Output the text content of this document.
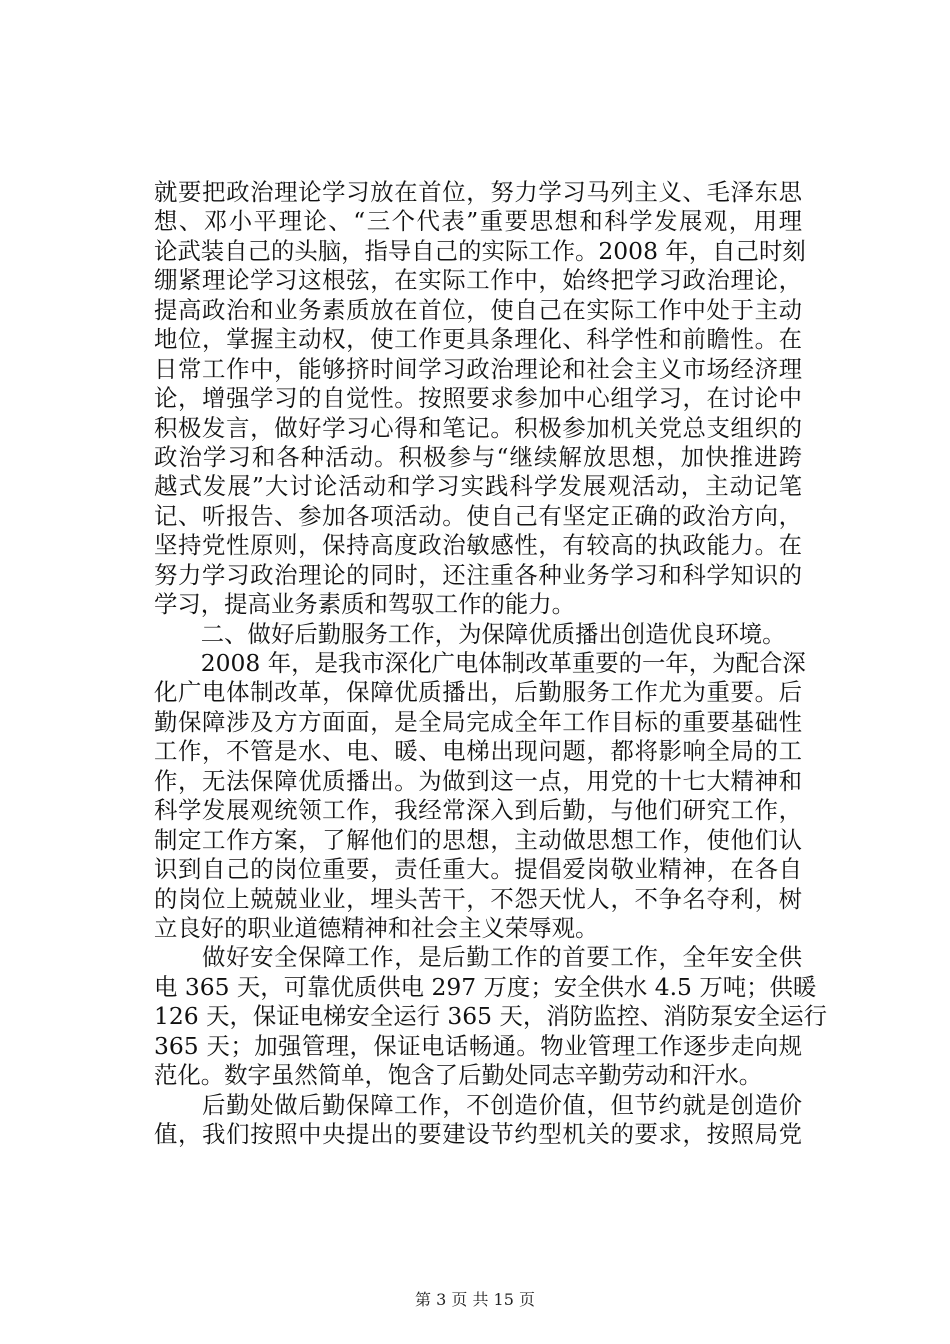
就要把政治理论学习放在首位，努力学习马列主义、毛泽东思
想、邓小平理论、“三个代表”重要思想和科学发展观，用理
论武装自己的头脑，指导自己的实际工作。2008 年，自己时刻
绷紧理论学习这根弦，在实际工作中，始终把学习政治理论，
提高政治和业务素质放在首位，使自己在实际工作中处于主动
地位，掌握主动权，使工作更具条理化、科学性和前瞻性。在
日常工作中，能够挤时间学习政治理论和社会主义市场经济理
论，增强学习的自觉性。按照要求参加中心组学习，在讨论中
积极发言，做好学习心得和笔记。积极参加机关党总支组织的
政治学习和各种活动。积极参与“继续解放思想，加快推进跨
越式发展”大讨论活动和学习实践科学发展观活动，主动记笔
记、听报告、参加各项活动。使自己有坚定正确的政治方向，
坚持党性原则，保持高度政治敏感性，有较高的执政能力。在
努力学习政治理论的同时，还注重各种业务学习和科学知识的
学习，提高业务素质和驾驭工作的能力。
　　二、做好后勤服务工作，为保障优质播出创造优良环境。
　　2008 年，是我市深化广电体制改革重要的一年，为配合深
化广电体制改革，保障优质播出，后勤服务工作尤为重要。后
勤保障涉及方方面面，是全局完成全年工作目标的重要基础性
工作，不管是水、电、暖、电梯出现问题，都将影响全局的工
作，无法保障优质播出。为做到这一点，用党的十七大精神和
科学发展观统领工作，我经常深入到后勤，与他们研究工作，
制定工作方案，了解他们的思想，主动做思想工作，使他们认
识到自己的岗位重要，责任重大。提倡爱岗敬业精神，在各自
的岗位上兢兢业业，埋头苦干，不怨天忧人，不争名夺利，树
立良好的职业道德精神和社会主义荣辱观。
　　做好安全保障工作，是后勤工作的首要工作，全年安全供
电 365 天，可靠优质供电 297 万度；安全供水 4.5 万吨；供暖
126 天，保证电梯安全运行 365 天，消防监控、消防泵安全运行
365 天；加强管理，保证电话畅通。物业管理工作逐步走向规
范化。数字虽然简单，饱含了后勤处同志辛勤劳动和汗水。
　　后勤处做后勤保障工作，不创造价值，但节约就是创造价
值，我们按照中央提出的要建设节约型机关的要求，按照局党
第 3 页 共 15 页
